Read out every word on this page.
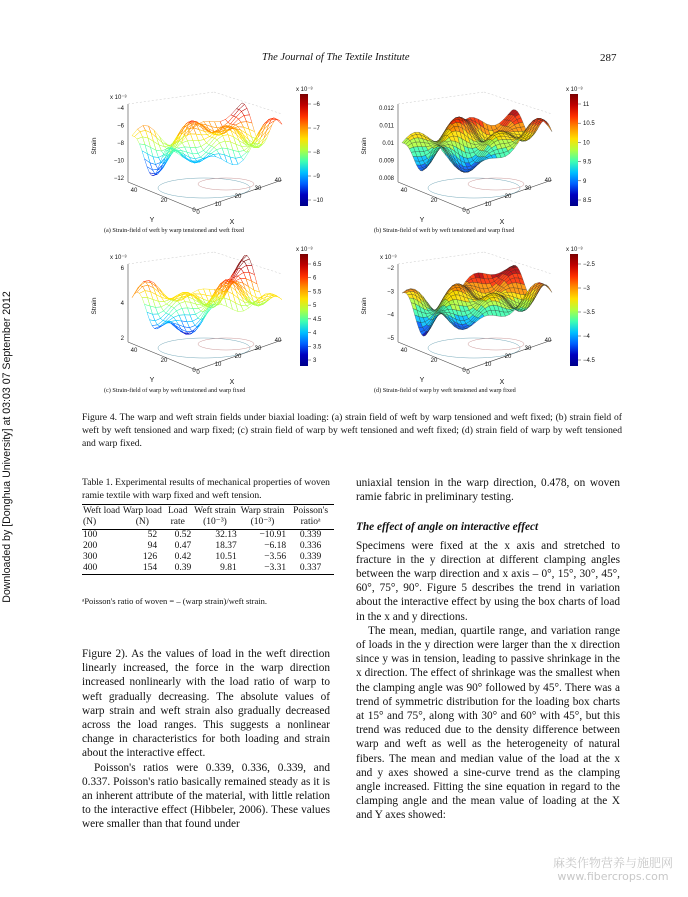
The Journal of The Textile Institute	287
Downloaded by [Donghua University] at 03:03 07 September 2012
x 10⁻³
−4
−6
−8
−10
−12
Strain
40
20
0 0
10
20
30
40
Y	X
x 10⁻³
−6
−7
−8
−9
−10
(a) Strain-field of weft by warp tensioned and weft fixed
0.012
0.011
0.01
0.009
0.008
Strain
40
20
0 0
10
20
30
40
Y	X
x 10⁻³
11
10.5
10
9.5
9
8.5
(b) Strain-field of weft by weft tensioned and warp fixed
x 10⁻³
6
4
2
Strain
40
20
0 0
10
20
30
40
Y	X
x 10⁻³
6.5
6
5.5
5
4.5
4
3.5
3
(c) Strain-field of warp by weft tensioned and warp fixed
x 10⁻³
−2
−3
−4
−5
Strain
40
20
0 0
10
20
30
40
Y	X
x 10⁻³
−2.5
−3
−3.5
−4
−4.5
(d) Strain-field of warp by weft tensioned and warp fixed
Figure 4. The warp and weft strain fields under biaxial loading: (a) strain field of weft by warp tensioned and weft fixed; (b) strain field of weft by weft tensioned and warp fixed; (c) strain field of warp by weft tensioned and weft fixed; (d) strain field of warp by weft tensioned and warp fixed.
Table 1. Experimental results of mechanical properties of woven ramie textile with warp fixed and weft tension.
Weft load (N)	Warp load (N)	Load rate	Weft strain (10⁻³)	Warp strain (10⁻³)	Poisson's ratioᵃ
100	52	0.52	32.13	−10.91	0.339
200	94	0.47	18.37	−6.18	0.336
300	126	0.42	10.51	−3.56	0.339
400	154	0.39	9.81	−3.31	0.337
ᵃPoisson's ratio of woven = – (warp strain)/weft strain.

Figure 2). As the values of load in the weft direction linearly increased, the force in the warp direction increased nonlinearly with the load ratio of warp to weft gradually decreasing. The absolute values of warp strain and weft strain also gradually decreased across the load ranges. This suggests a nonlinear change in characteristics for both loading and strain about the interactive effect.

Poisson's ratios were 0.339, 0.336, 0.339, and 0.337. Poisson's ratio basically remained steady as it is an inherent attribute of the material, with little relation to the interactive effect (Hibbeler, 2006). These values were smaller than that found under

uniaxial tension in the warp direction, 0.478, on woven ramie fabric in preliminary testing.

The effect of angle on interactive effect

Specimens were fixed at the x axis and stretched to fracture in the y direction at different clamping angles between the warp direction and x axis – 0°, 15°, 30°, 45°, 60°, 75°, 90°. Figure 5 describes the trend in variation about the interactive effect by using the box charts of load in the x and y directions.

The mean, median, quartile range, and variation range of loads in the y direction were larger than the x direction since y was in tension, leading to passive shrinkage in the x direction. The effect of shrinkage was the smallest when the clamping angle was 90° followed by 45°. There was a trend of symmetric distribution for the loading box charts at 15° and 75°, along with 30° and 60° with 45°, but this trend was reduced due to the density difference between warp and weft as well as the heterogeneity of natural fibers. The mean and median value of the load at the x and y axes showed a sine-curve trend as the clamping angle increased. Fitting the sine equation in regard to the clamping angle and the mean value of loading at the X and Y axes showed:

麻类作物营养与施肥网
www.fibercrops.com
